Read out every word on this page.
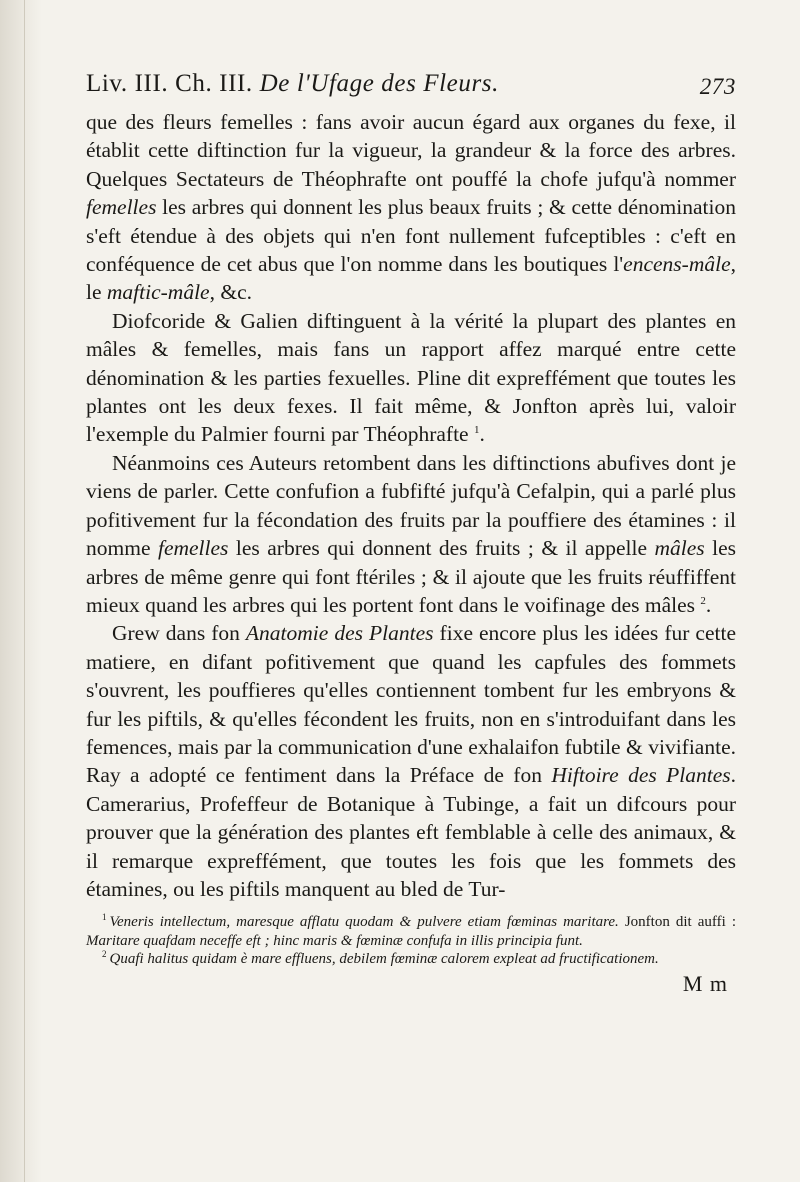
Liv. III. Ch. III. De l'Ufage des Fleurs.	273

que des fleurs femelles : fans avoir aucun égard aux organes du fexe, il établit cette diftinction fur la vigueur, la grandeur & la force des arbres. Quelques Sectateurs de Théophrafte ont pouffé la chofe jufqu'à nommer femelles les arbres qui donnent les plus beaux fruits ; & cette dénomination s'eft étendue à des objets qui n'en font nullement fufceptibles : c'eft en conféquence de cet abus que l'on nomme dans les boutiques l'encens-mâle, le maftic-mâle, &c.

Diofcoride & Galien diftinguent à la vérité la plupart des plantes en mâles & femelles, mais fans un rapport affez marqué entre cette dénomination & les parties fexuelles. Pline dit expreffément que toutes les plantes ont les deux fexes. Il fait même, & Jonfton après lui, valoir l'exemple du Palmier fourni par Théophrafte $^1$.

Néanmoins ces Auteurs retombent dans les diftinctions abufives dont je viens de parler. Cette confufion a fubfifté jufqu'à Cefalpin, qui a parlé plus pofitivement fur la fécondation des fruits par la pouffiere des étamines : il nomme femelles les arbres qui donnent des fruits ; & il appelle mâles les arbres de même genre qui font ftériles ; & il ajoute que les fruits réuffiffent mieux quand les arbres qui les portent font dans le voifinage des mâles $^2$.

Grew dans fon Anatomie des Plantes fixe encore plus les idées fur cette matiere, en difant pofitivement que quand les capfules des fommets s'ouvrent, les pouffieres qu'elles contiennent tombent fur les embryons & fur les piftils, & qu'elles fécondent les fruits, non en s'introduifant dans les femences, mais par la communication d'une exhalaifon fubtile & vivifiante. Ray a adopté ce fentiment dans la Préface de fon Hiftoire des Plantes. Camerarius, Profeffeur de Botanique à Tubinge, a fait un difcours pour prouver que la génération des plantes eft femblable à celle des animaux, & il remarque expreffément, que toutes les fois que les fommets des étamines, ou les piftils manquent au bled de Tur-

$^1$ Veneris intellectum, maresque afflatu quodam & pulvere etiam fœminas maritare. Jonfton dit auffi : Maritare quafdam neceffe eft ; hinc maris & fœminæ confufa in illis principia funt.

$^2$ Quafi halitus quidam è mare effluens, debilem fœminæ calorem expleat ad fructificationem.

M m
